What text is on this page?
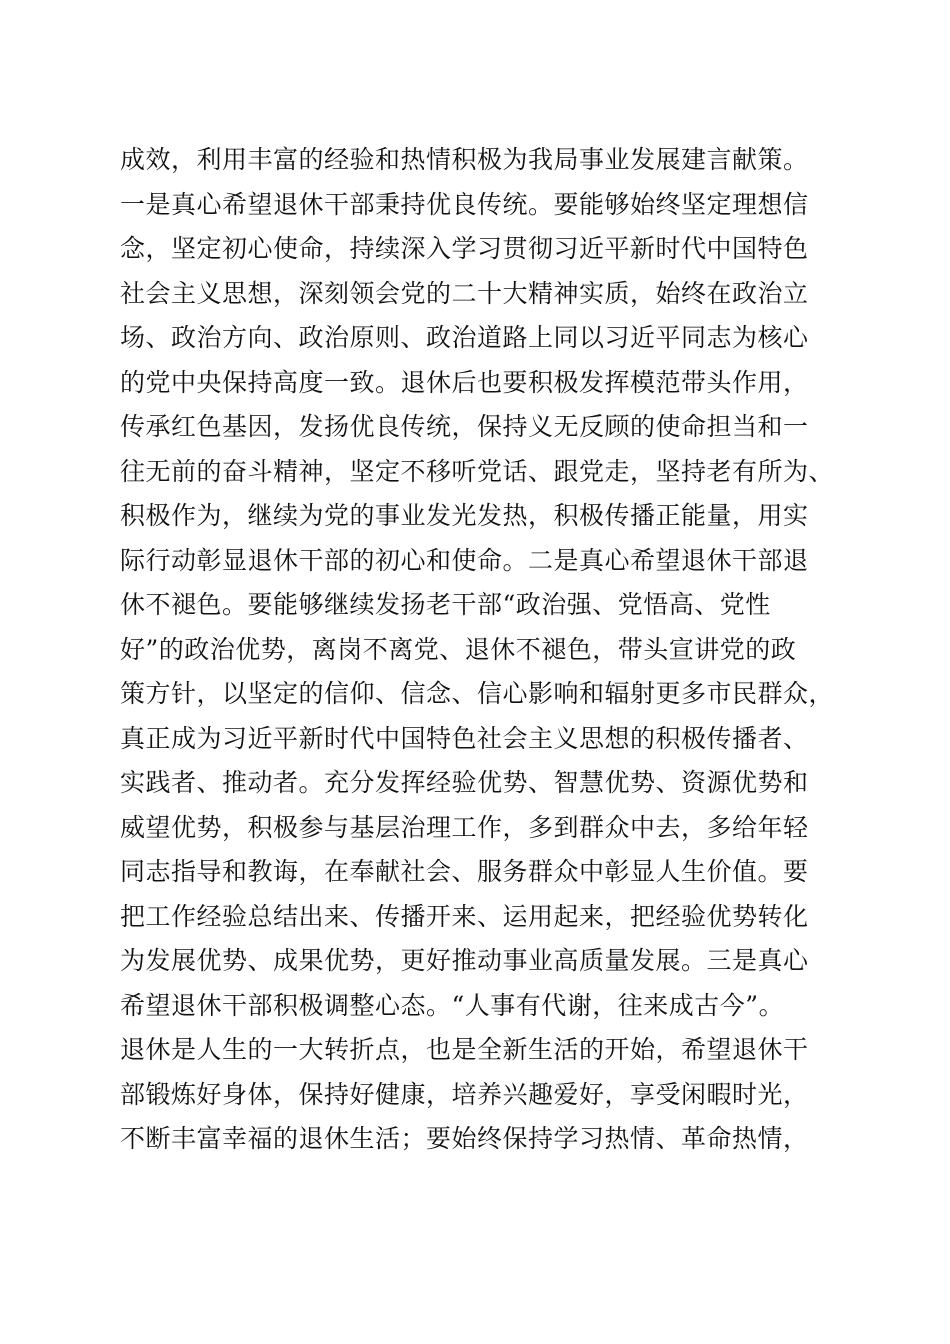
成效，利用丰富的经验和热情积极为我局事业发展建言献策。
一是真心希望退休干部秉持优良传统。要能够始终坚定理想信
念，坚定初心使命，持续深入学习贯彻习近平新时代中国特色
社会主义思想，深刻领会党的二十大精神实质，始终在政治立
场、政治方向、政治原则、政治道路上同以习近平同志为核心
的党中央保持高度一致。退休后也要积极发挥模范带头作用，
传承红色基因，发扬优良传统，保持义无反顾的使命担当和一
往无前的奋斗精神，坚定不移听党话、跟党走，坚持老有所为、
积极作为，继续为党的事业发光发热，积极传播正能量，用实
际行动彰显退休干部的初心和使命。二是真心希望退休干部退
休不褪色。要能够继续发扬老干部“政治强、党悟高、党性
好”的政治优势，离岗不离党、退休不褪色，带头宣讲党的政
策方针，以坚定的信仰、信念、信心影响和辐射更多市民群众，
真正成为习近平新时代中国特色社会主义思想的积极传播者、
实践者、推动者。充分发挥经验优势、智慧优势、资源优势和
威望优势，积极参与基层治理工作，多到群众中去，多给年轻
同志指导和教诲，在奉献社会、服务群众中彰显人生价值。要
把工作经验总结出来、传播开来、运用起来，把经验优势转化
为发展优势、成果优势，更好推动事业高质量发展。三是真心
希望退休干部积极调整心态。“人事有代谢，往来成古今”。
退休是人生的一大转折点，也是全新生活的开始，希望退休干
部锻炼好身体，保持好健康，培养兴趣爱好，享受闲暇时光，
不断丰富幸福的退休生活；要始终保持学习热情、革命热情，
